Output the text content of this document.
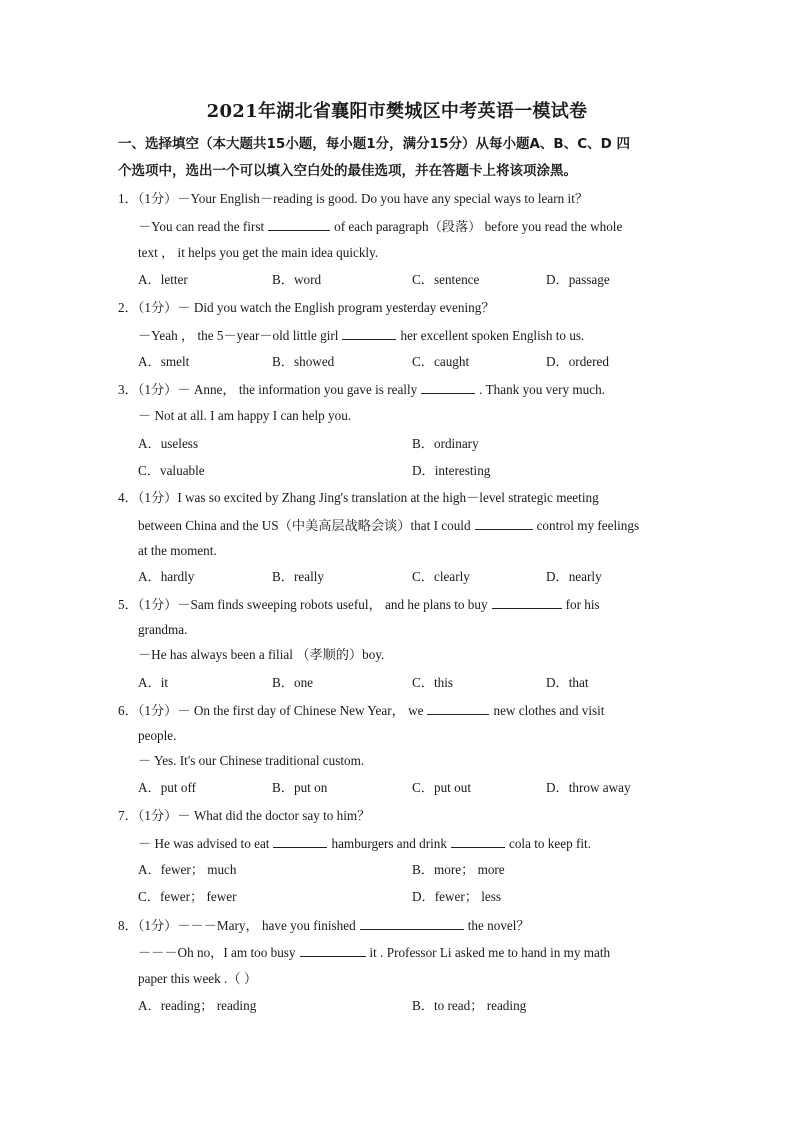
2021年湖北省襄阳市樊城区中考英语一模试卷
一、选择填空（本大题共15小题，每小题1分，满分15分）从每小题A、B、C、D 四
个选项中，选出一个可以填入空白处的最佳选项，并在答题卡上将该项涂黑。
1．（1分）－Your English－reading is good. Do you have any special ways to learn it？
－You can read the first	of each paragraph（段落） before you read the whole
text ， it helps you get the main idea quickly.
A．letter	B．word	C．sentence	D．passage
2．（1分）－ Did you watch the English program yesterday evening？
－Yeah ， the 5－year－old little girl	her excellent spoken English to us.
A．smelt	B．showed	C．caught	D．ordered
3．（1分）－ Anne， the information you gave is really	. Thank you very much.
－ Not at all. I am happy I can help you.
A．useless	B．ordinary
C．valuable	D．interesting
4．（1分）I was so excited by Zhang Jing's translation at the high－level strategic meeting
between China and the US（中美高层战略会谈）that I could	control my feelings
at the moment.
A．hardly	B．really	C．clearly	D．nearly
5．（1分）－Sam finds sweeping robots useful， and he plans to buy	for his
grandma.
－He has always been a filial （孝顺的）boy.
A．it	B．one	C．this	D．that
6．（1分）－ On the first day of Chinese New Year， we	new clothes and visit
people.
－ Yes. It's our Chinese traditional custom.
A．put off	B．put on	C．put out	D．throw away
7．（1分）－ What did the doctor say to him？
－ He was advised to eat	hamburgers and drink	cola to keep fit.
A．fewer； much	B．more； more
C．fewer； fewer	D．fewer； less
8．（1分）－－－Mary， have you finished	the novel？
－－－Oh no，I am too busy	it . Professor Li asked me to hand in my math
paper this week .（ ）
A．reading； reading	B．to read； reading
